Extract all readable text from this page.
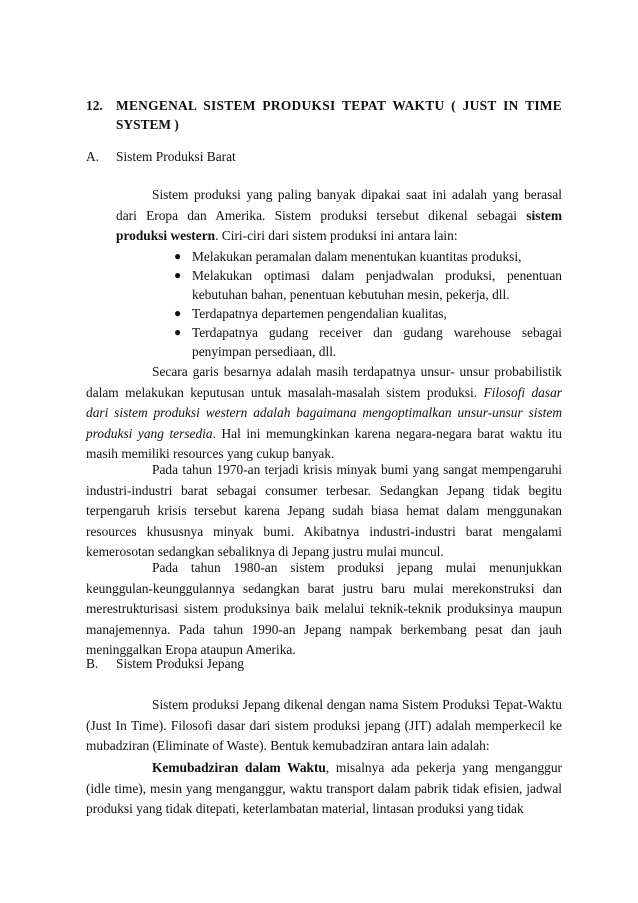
12. MENGENAL SISTEM PRODUKSI TEPAT WAKTU ( JUST IN TIME
SYSTEM )
A. Sistem Produksi Barat

Sistem produksi yang paling banyak dipakai saat ini adalah yang berasal dari Eropa dan Amerika. Sistem produksi tersebut dikenal sebagai sistem produksi western. Ciri-ciri dari sistem produksi ini antara lain:

● Melakukan peramalan dalam menentukan kuantitas produksi,
● Melakukan optimasi dalam penjadwalan produksi, penentuan kebutuhan bahan, penentuan kebutuhan mesin, pekerja, dll.
● Terdapatnya departemen pengendalian kualitas,
● Terdapatnya gudang receiver dan gudang warehouse sebagai penyimpan persediaan, dll.

Secara garis besarnya adalah masih terdapatnya unsur- unsur probabilistik dalam melakukan keputusan untuk masalah-masalah sistem produksi. Filosofi dasar dari sistem produksi western adalah bagaimana mengoptimalkan unsur-unsur sistem produksi yang tersedia. Hal ini memungkinkan karena negara-negara barat waktu itu masih memiliki resources yang cukup banyak.

Pada tahun 1970-an terjadi krisis minyak bumi yang sangat mempengaruhi industri-industri barat sebagai consumer terbesar. Sedangkan Jepang tidak begitu terpengaruh krisis tersebut karena Jepang sudah biasa hemat dalam menggunakan resources khususnya minyak bumi. Akibatnya industri-industri barat mengalami kemerosotan sedangkan sebaliknya di Jepang justru mulai muncul.

Pada tahun 1980-an sistem produksi jepang mulai menunjukkan keunggulan-keunggulannya sedangkan barat justru baru mulai merekonstruksi dan merestrukturisasi sistem produksinya baik melalui teknik-teknik produksinya maupun manajemennya. Pada tahun 1990-an Jepang nampak berkembang pesat dan jauh meninggalkan Eropa ataupun Amerika.

B. Sistem Produksi Jepang

Sistem produksi Jepang dikenal dengan nama Sistem Produksi Tepat-Waktu (Just In Time). Filosofi dasar dari sistem produksi jepang (JIT) adalah memperkecil ke mubadziran (Eliminate of Waste). Bentuk kemubadziran antara lain adalah:

Kemubadziran dalam Waktu, misalnya ada pekerja yang menganggur (idle time), mesin yang menganggur, waktu transport dalam pabrik tidak efisien, jadwal produksi yang tidak ditepati, keterlambatan material, lintasan produksi yang tidak
